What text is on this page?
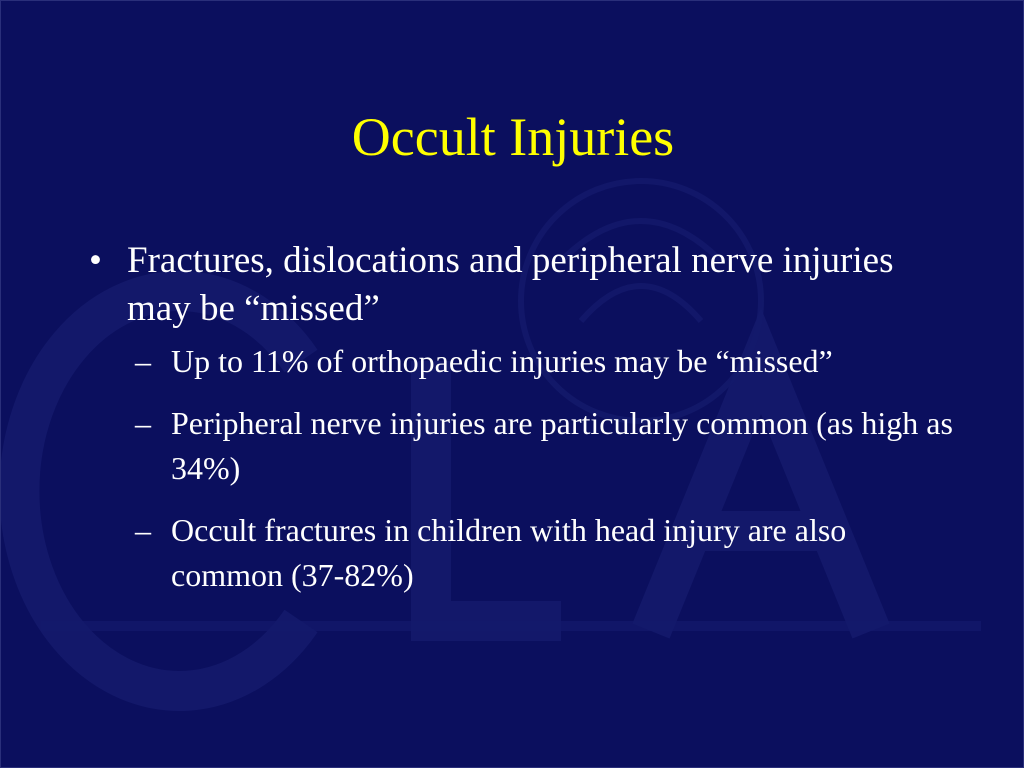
Occult Injuries

• Fractures, dislocations and peripheral nerve injuries may be “missed”

– Up to 11% of orthopaedic injuries may be “missed”

– Peripheral nerve injuries are particularly common (as high as 34%)

– Occult fractures in children with head injury are also common (37-82%)
